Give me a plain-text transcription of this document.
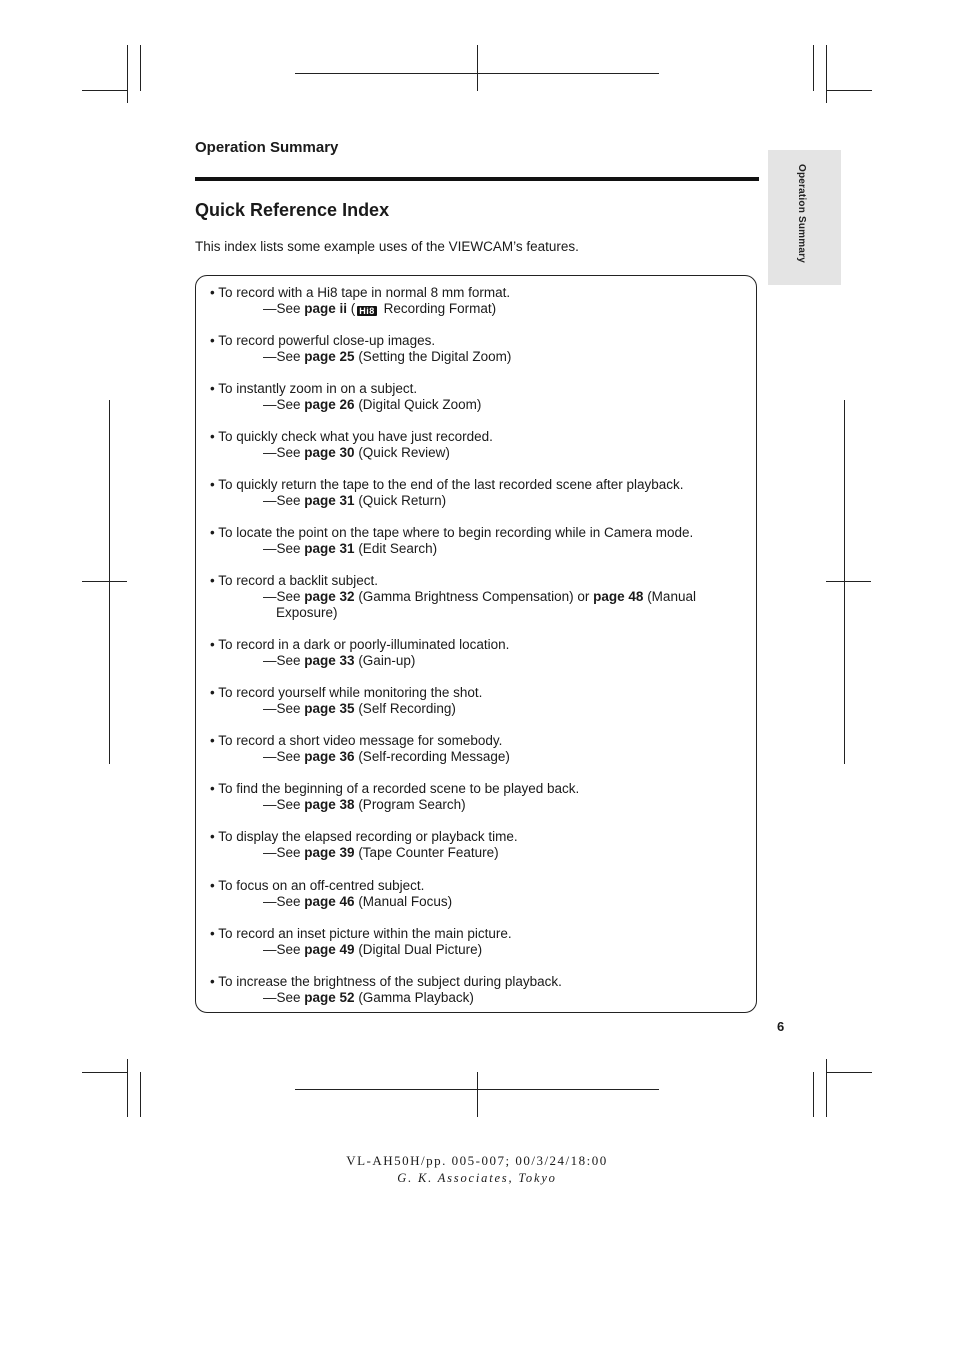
Operation Summary

Quick Reference Index

This index lists some example uses of the VIEWCAM’s features.	Operation Summary
• To record with a Hi8 tape in normal 8 mm format.
—See page ii ( Hi8 Recording Format)
• To record powerful close-up images.
—See page 25 (Setting the Digital Zoom)
• To instantly zoom in on a subject.
—See page 26 (Digital Quick Zoom)
• To quickly check what you have just recorded.
—See page 30 (Quick Review)
• To quickly return the tape to the end of the last recorded scene after playback.
—See page 31 (Quick Return)
• To locate the point on the tape where to begin recording while in Camera mode.
—See page 31 (Edit Search)
• To record a backlit subject.
—See page 32 (Gamma Brightness Compensation) or page 48 (Manual Exposure)
• To record in a dark or poorly-illuminated location.
—See page 33 (Gain-up)
• To record yourself while monitoring the shot.
—See page 35 (Self Recording)
• To record a short video message for somebody.
—See page 36 (Self-recording Message)
• To find the beginning of a recorded scene to be played back.
—See page 38 (Program Search)
• To display the elapsed recording or playback time.
—See page 39 (Tape Counter Feature)
• To focus on an off-centred subject.
—See page 46 (Manual Focus)
• To record an inset picture within the main picture.
—See page 49 (Digital Dual Picture)
• To increase the brightness of the subject during playback.
—See page 52 (Gamma Playback)

6

VL-AH50H/pp. 005-007; 00/3/24/18:00

G. K. Associates, Tokyo
